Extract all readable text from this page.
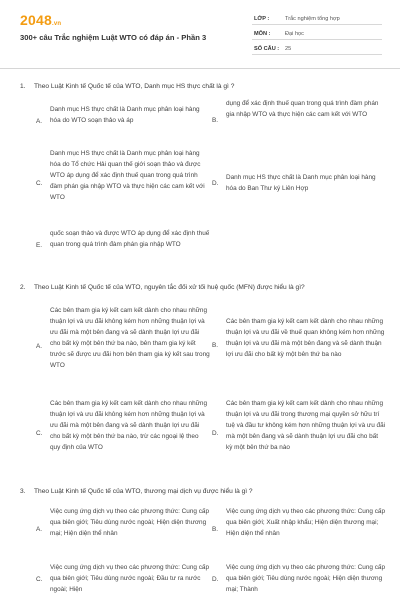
2048.vn
300+ câu Trắc nghiệm Luật WTO có đáp án - Phần 3
LỚP :	Trắc nghiệm tổng hợp
MÔN :	Đại học
SỐ CÂU : 25
1. Theo Luật Kinh tế Quốc tế của WTO, Danh mục HS thực chất là gì ?
A.
Danh mục HS thực chất là Danh mục phân loại hàng hóa do WTO soạn thảo và áp	B.
dụng để xác định thuế quan trong quá trình đàm phán gia nhập WTO và thực hiện các cam kết với WTO
C.
Danh mục HS thực chất là Danh mục phân loại hàng hóa do Tổ chức Hải quan thế giới soạn thảo và được WTO áp dụng để xác định thuế quan trong quá trình đàm phán gia nhập WTO và thực hiện các cam kết với WTO
D.
Danh mục HS thực chất là Danh mục phân loại hàng hóa do Ban Thư ký Liên Hợp
E.
quốc soạn thảo và được WTO áp dụng để xác định thuế quan trong quá trình đàm phán gia nhập WTO
2. Theo Luật Kinh tế Quốc tế của WTO, nguyên tắc đối xử tối huệ quốc (MFN) được hiểu là gì?
A.
Các bên tham gia ký kết cam kết dành cho nhau những thuận lợi và ưu đãi không kém hơn những thuận lợi và ưu đãi mà một bên đang và sẽ dành thuận lợi ưu đãi cho bất kỳ một bên thứ ba nào, bên tham gia ký kết trước sẽ được ưu đãi hơn bên tham gia ký kết sau trong WTO
B.
Các bên tham gia ký kết cam kết dành cho nhau những thuận lợi và ưu đãi về thuế quan không kém hơn những thuận lợi và ưu đãi mà một bên đang và sẽ dành thuận lợi ưu đãi cho bất kỳ một bên thứ ba nào
C.
Các bên tham gia ký kết cam kết dành cho nhau những thuận lợi và ưu đãi không kém hơn những thuận lợi và ưu đãi mà một bên đang và sẽ dành thuận lợi ưu đãi cho bất kỳ một bên thứ ba nào, trừ các ngoại lệ theo quy định của WTO
D.
Các bên tham gia ký kết cam kết dành cho nhau những thuận lợi và ưu đãi trong thương mại quyền sở hữu trí tuệ và đầu tư không kém hơn những thuận lợi và ưu đãi mà một bên đang và sẽ dành thuận lợi ưu đãi cho bất kỳ một bên thứ ba nào
3. Theo Luật Kinh tế Quốc tế của WTO, thương mại dịch vụ được hiểu là gì ?
A.
Việc cung ứng dịch vụ theo các phương thức: Cung cấp qua biên giới; Tiêu dùng nước ngoài; Hiện diện thương mại; Hiện diện thể nhân
B.
Việc cung ứng dịch vụ theo các phương thức: Cung cấp qua biên giới; Xuất nhập khẩu; Hiện diện thương mại; Hiện diện thể nhân
C.
Việc cung ứng dịch vụ theo các phương thức: Cung cấp qua biên giới; Tiêu dùng nước ngoài; Đầu tư ra nước ngoài; Hiện
D.
Việc cung ứng dịch vụ theo các phương thức: Cung cấp qua biên giới; Tiêu dùng nước ngoài; Hiện diện thương mại; Thành
